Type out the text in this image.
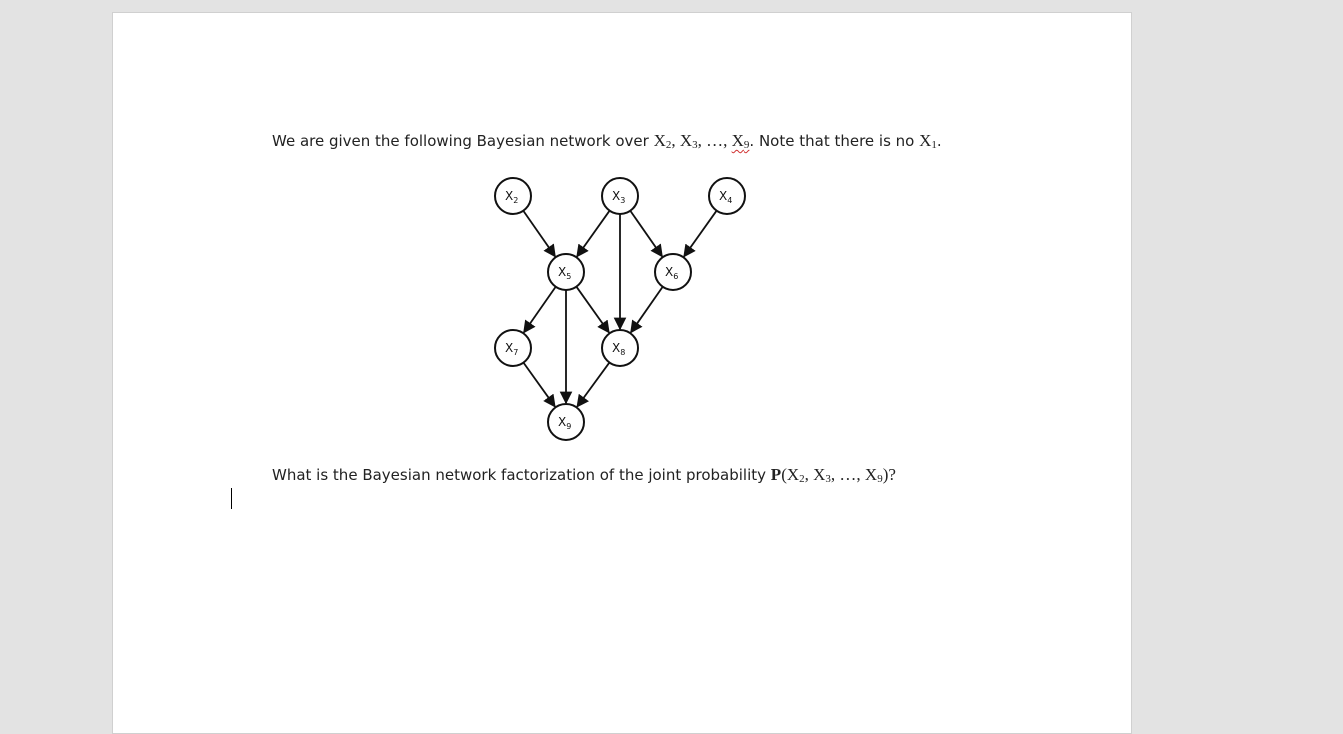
We are given the following Bayesian network over $X_2$, $X_3$, …, $X_9$. Note that there is no $X_1$.
What is the Bayesian network factorization of the joint probability $P(X_2$, $X_3$, …, $X_9$)?
$X_2$	$X_3$	$X_4$
$X_5$	$X_6$
$X_7$	$X_8$
$X_9$
